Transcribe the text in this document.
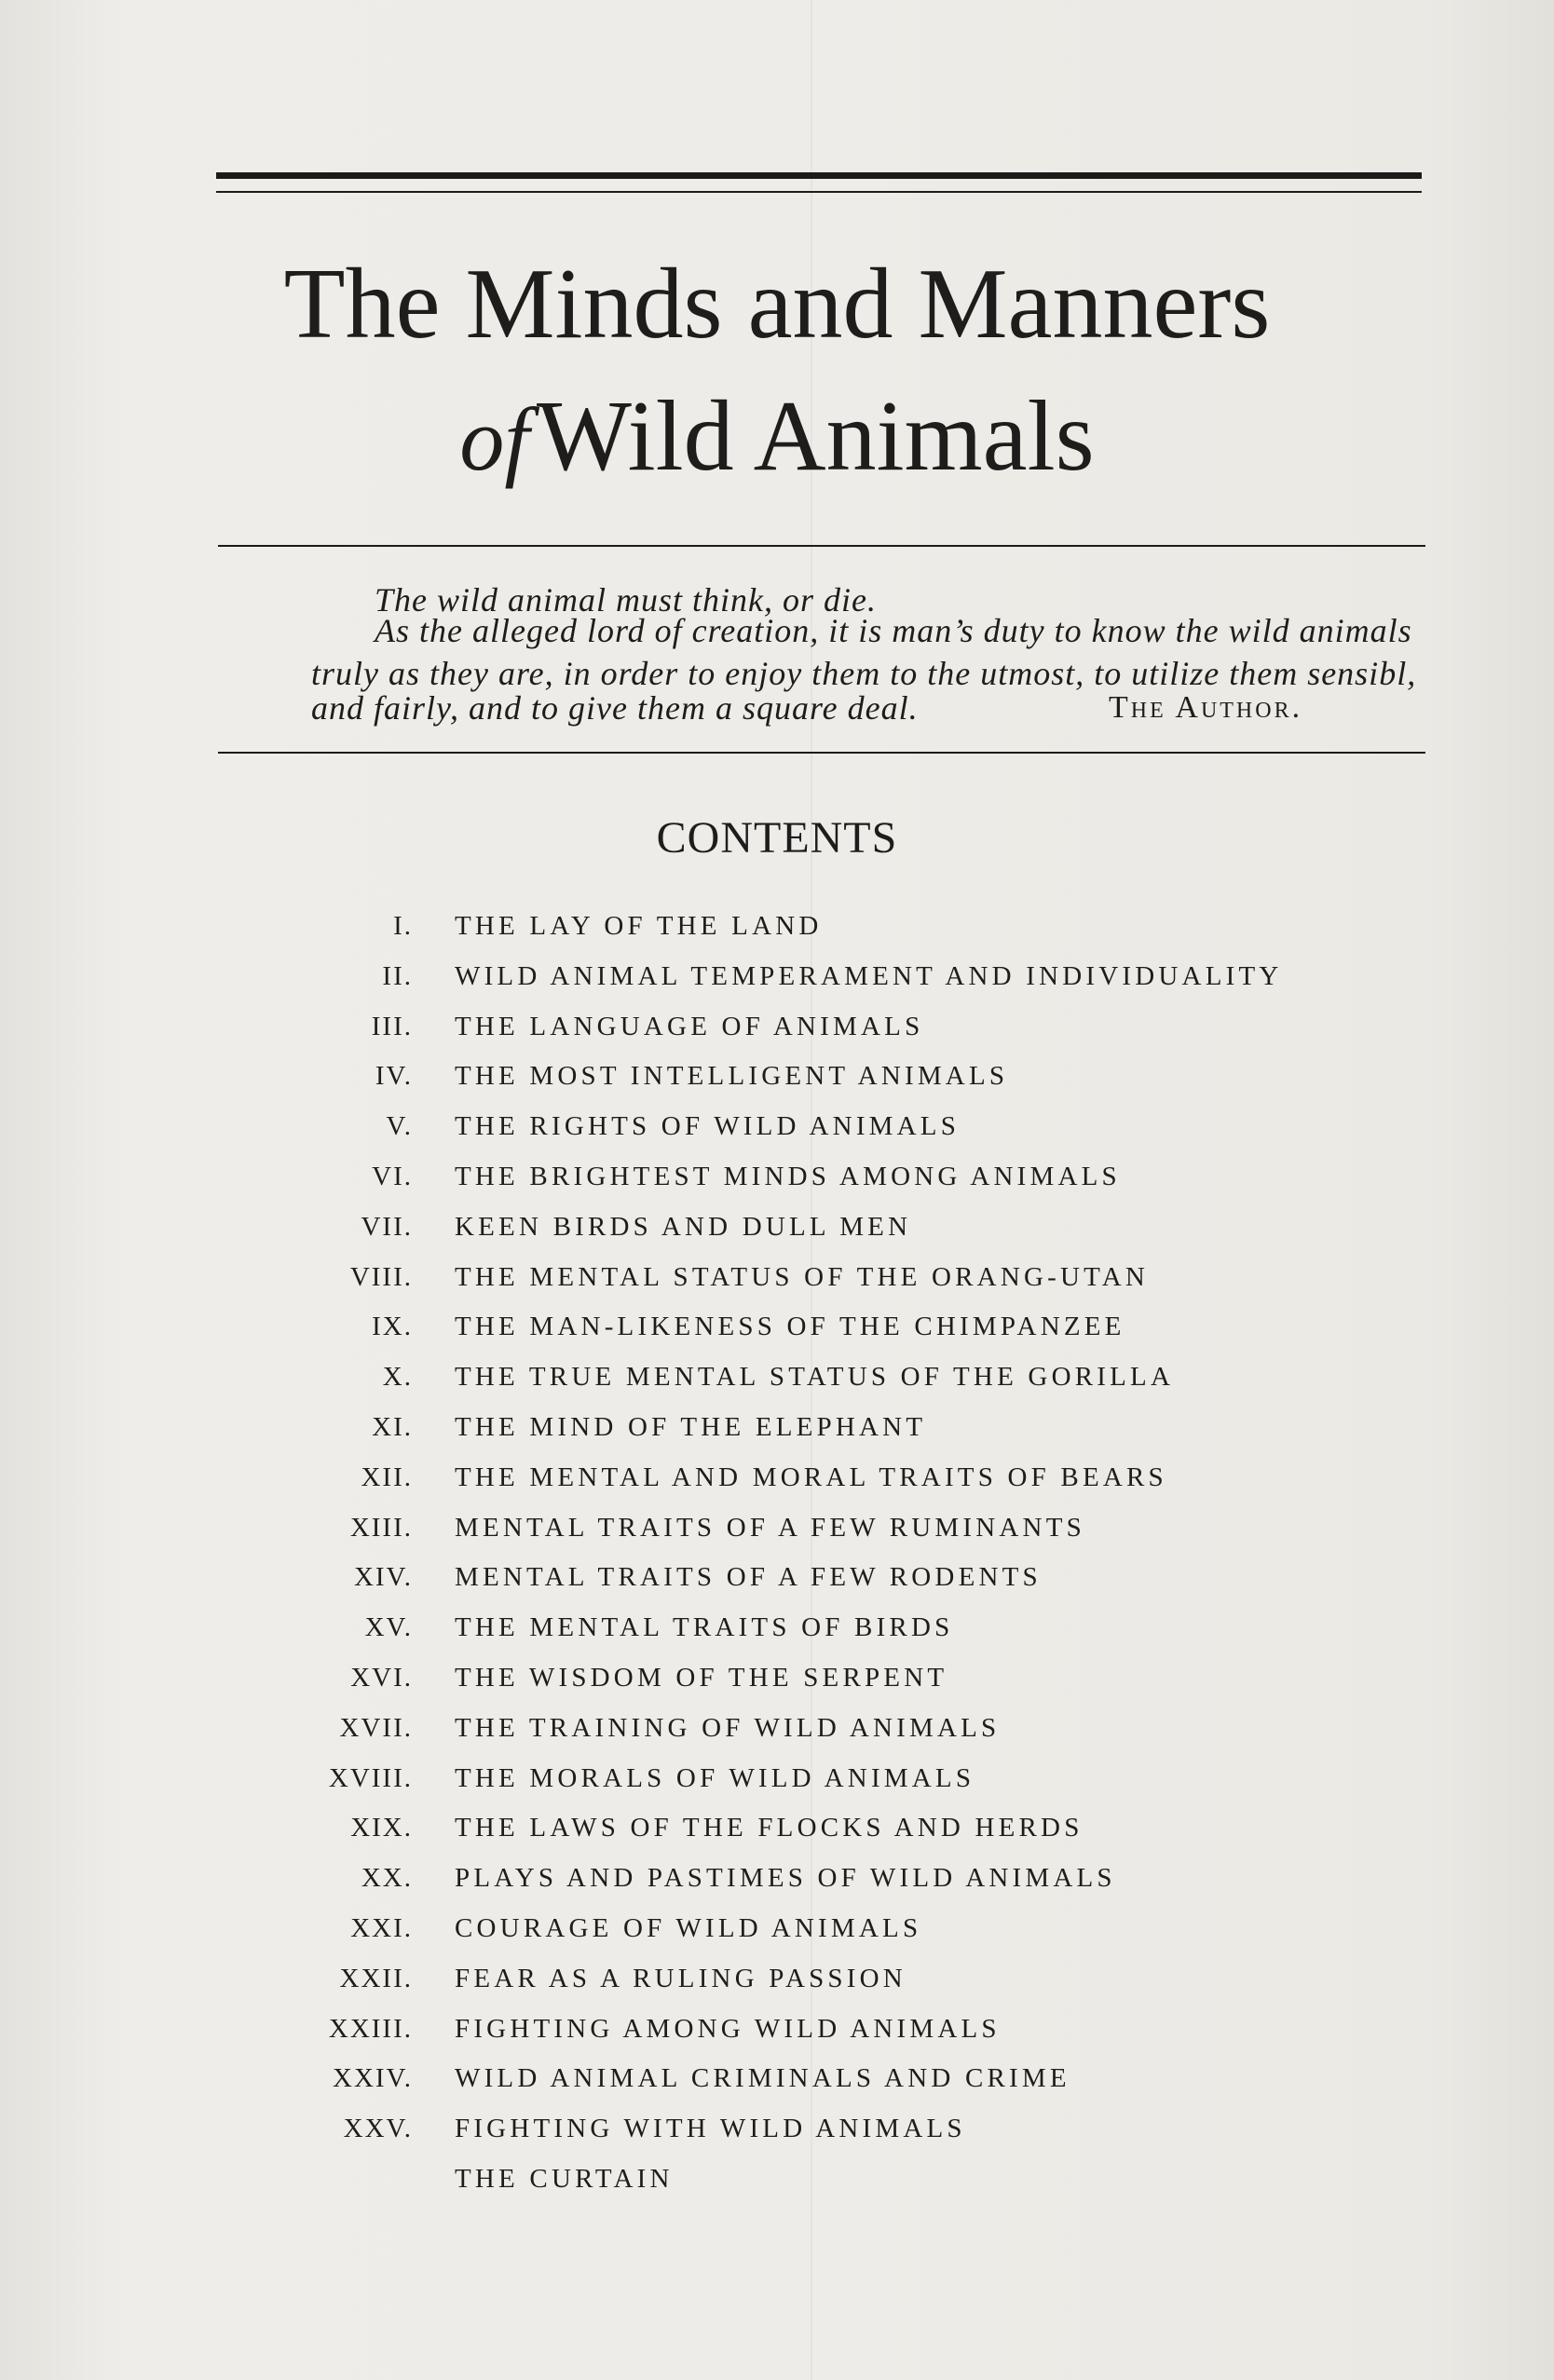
The Minds and Manners
ofWild Animals
The wild animal must think, or die.
As the alleged lord of creation, it is man’s duty to know the wild animals
truly as they are, in order to enjoy them to the utmost, to utilize them sensibl,
and fairly, and to give them a square deal.	The Author.
CONTENTS
I. THE LAY OF THE LAND
II. WILD ANIMAL TEMPERAMENT AND INDIVIDUALITY
III. THE LANGUAGE OF ANIMALS
IV. THE MOST INTELLIGENT ANIMALS
V. THE RIGHTS OF WILD ANIMALS
VI. THE BRIGHTEST MINDS AMONG ANIMALS
VII. KEEN BIRDS AND DULL MEN
VIII. THE MENTAL STATUS OF THE ORANG-UTAN
IX. THE MAN-LIKENESS OF THE CHIMPANZEE
X. THE TRUE MENTAL STATUS OF THE GORILLA
XI. THE MIND OF THE ELEPHANT
XII. THE MENTAL AND MORAL TRAITS OF BEARS
XIII. MENTAL TRAITS OF A FEW RUMINANTS
XIV. MENTAL TRAITS OF A FEW RODENTS
XV. THE MENTAL TRAITS OF BIRDS
XVI. THE WISDOM OF THE SERPENT
XVII. THE TRAINING OF WILD ANIMALS
XVIII. THE MORALS OF WILD ANIMALS
XIX. THE LAWS OF THE FLOCKS AND HERDS
XX. PLAYS AND PASTIMES OF WILD ANIMALS
XXI. COURAGE OF WILD ANIMALS
XXII. FEAR AS A RULING PASSION
XXIII. FIGHTING AMONG WILD ANIMALS
XXIV. WILD ANIMAL CRIMINALS AND CRIME
XXV. FIGHTING WITH WILD ANIMALS
THE CURTAIN
